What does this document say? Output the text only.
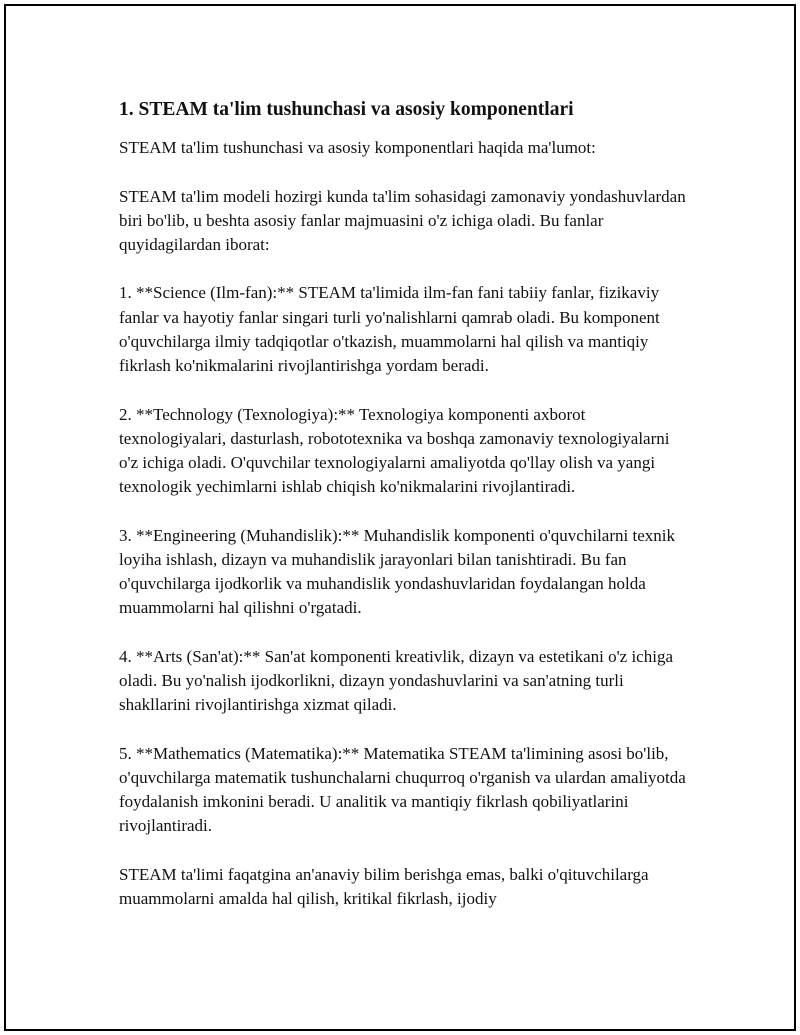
1. STEAM ta'lim tushunchasi va asosiy komponentlari

STEAM ta'lim tushunchasi va asosiy komponentlari haqida ma'lumot:

STEAM ta'lim modeli hozirgi kunda ta'lim sohasidagi zamonaviy yondashuvlardan biri bo'lib, u beshta asosiy fanlar majmuasini o'z ichiga oladi. Bu fanlar quyidagilardan iborat:

1. **Science (Ilm-fan):** STEAM ta'limida ilm-fan fani tabiiy fanlar, fizikaviy fanlar va hayotiy fanlar singari turli yo'nalishlarni qamrab oladi. Bu komponent o'quvchilarga ilmiy tadqiqotlar o'tkazish, muammolarni hal qilish va mantiqiy fikrlash ko'nikmalarini rivojlantirishga yordam beradi.

2. **Technology (Texnologiya):** Texnologiya komponenti axborot texnologiyalari, dasturlash, robototexnika va boshqa zamonaviy texnologiyalarni o'z ichiga oladi. O'quvchilar texnologiyalarni amaliyotda qo'llay olish va yangi texnologik yechimlarni ishlab chiqish ko'nikmalarini rivojlantiradi.

3. **Engineering (Muhandislik):** Muhandislik komponenti o'quvchilarni texnik loyiha ishlash, dizayn va muhandislik jarayonlari bilan tanishtiradi. Bu fan o'quvchilarga ijodkorlik va muhandislik yondashuvlaridan foydalangan holda muammolarni hal qilishni o'rgatadi.

4. **Arts (San'at):** San'at komponenti kreativlik, dizayn va estetikani o'z ichiga oladi. Bu yo'nalish ijodkorlikni, dizayn yondashuvlarini va san'atning turli shakllarini rivojlantirishga xizmat qiladi.

5. **Mathematics (Matematika):** Matematika STEAM ta'limining asosi bo'lib, o'quvchilarga matematik tushunchalarni chuqurroq o'rganish va ulardan amaliyotda foydalanish imkonini beradi. U analitik va mantiqiy fikrlash qobiliyatlarini rivojlantiradi.

STEAM ta'limi faqatgina an'anaviy bilim berishga emas, balki o'qituvchilarga muammolarni amalda hal qilish, kritikal fikrlash, ijodiy
